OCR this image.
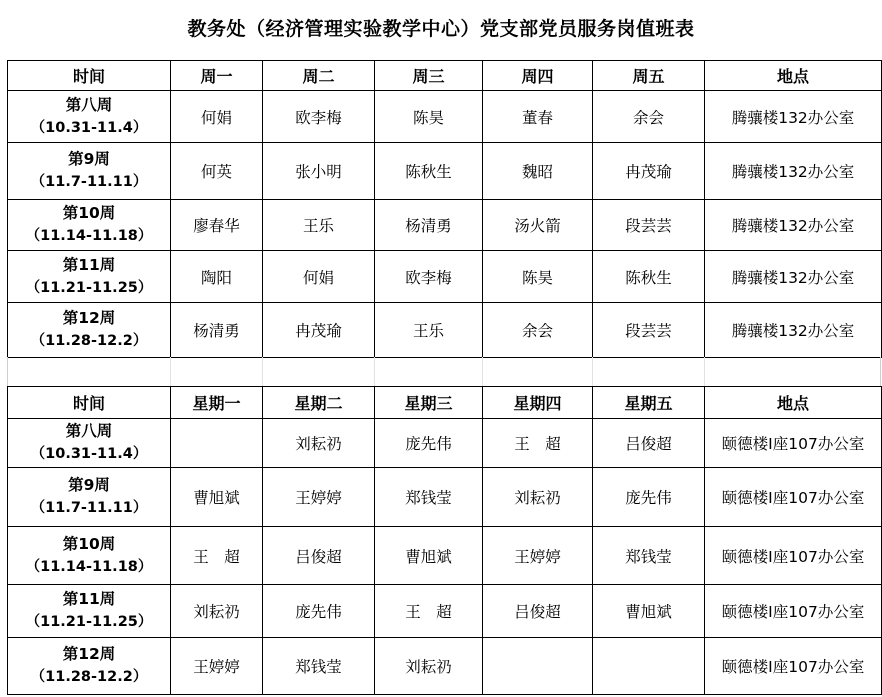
教务处（经济管理实验教学中心）党支部党员服务岗值班表
时间	周一	周二	周三	周四	周五	地点

第八周
（10.31-11.4）	何娟	欧李梅	陈昊	董春	余会	腾骧楼132办公室

第9周
（11.7-11.11）	何英	张小明	陈秋生	魏昭	冉茂瑜	腾骧楼132办公室

第10周
（11.14-11.18）	廖春华	王乐	杨清勇	汤火箭	段芸芸	腾骧楼132办公室

第11周
（11.21-11.25）	陶阳	何娟	欧李梅	陈昊	陈秋生	腾骧楼132办公室

第12周
（11.28-12.2）	杨清勇	冉茂瑜	王乐	余会	段芸芸	腾骧楼132办公室
时间	星期一	星期二	星期三	星期四	星期五	地点

第八周
（10.31-11.4）		刘耘礽	庞先伟	王　超	吕俊超	颐德楼I座107办公室

第9周
（11.7-11.11）	曹旭斌	王婷婷	郑钱莹	刘耘礽	庞先伟	颐德楼I座107办公室

第10周
（11.14-11.18）	王　超	吕俊超	曹旭斌	王婷婷	郑钱莹	颐德楼I座107办公室

第11周
（11.21-11.25）	刘耘礽	庞先伟	王　超	吕俊超	曹旭斌	颐德楼I座107办公室

第12周
（11.28-12.2）	王婷婷	郑钱莹	刘耘礽			颐德楼I座107办公室
